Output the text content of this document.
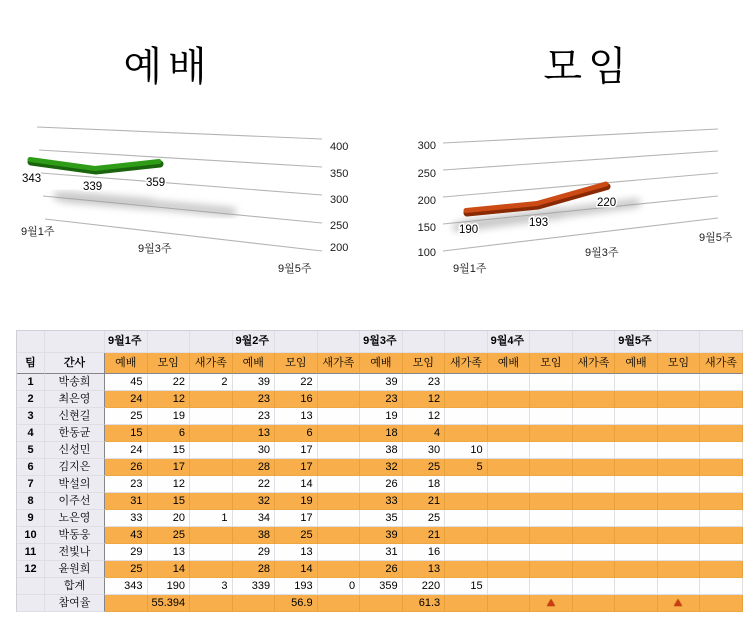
예배
400
350
300
250
200
9월1주
9월3주
9월5주
343
339	359
모임
300
250
200
150
100
9월1주
9월3주
9월5주
190
193
220
		9월1주			9월2주			9월3주			9월4주			9월5주		
팀	간사	예배	모임	새가족	예배	모임	새가족	예배	모임	새가족	예배	모임	새가족	예배	모임	새가족
1	박송희	45	22	2	39	22		39	23							
2	최은영	24	12		23	16		23	12							
3	신현길	25	19		23	13		19	12							
4	한동균	15	6		13	6		18	4							
5	신성민	24	15		30	17		38	30	10						
6	김지은	26	17		28	17		32	25	5						
7	박설의	23	12		22	14		26	18							
8	이주선	31	15		32	19		33	21							
9	노은영	33	20	1	34	17		35	25							
10	박동웅	43	25		38	25		39	21							
11	전빛나	29	13		29	13		31	16							
12	윤원희	25	14		28	14		26	13							
	합계	343	190	3	339	193	0	359	220	15						
	참여율		55.394			56.9			61.3							
